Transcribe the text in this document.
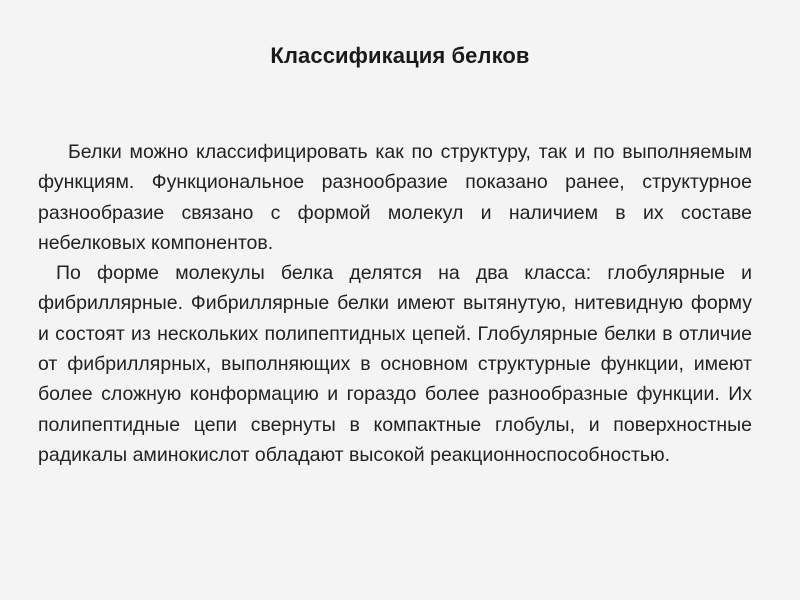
Классификация белков

Белки можно классифицировать как по структуру, так и по выполняемым функциям. Функциональное разнообразие показано ранее, структурное разнообразие связано с формой молекул и наличием в их составе небелковых компонентов.

По форме молекулы белка делятся на два класса: глобулярные и фибриллярные. Фибриллярные белки имеют вытянутую, нитевидную форму и состоят из нескольких полипептидных цепей. Глобулярные белки в отличие от фибриллярных, выполняющих в основном структурные функции, имеют более сложную конформацию и гораздо более разнообразные функции. Их полипептидные цепи свернуты в компактные глобулы, и поверхностные радикалы аминокислот обладают высокой реакционноспособностью.
